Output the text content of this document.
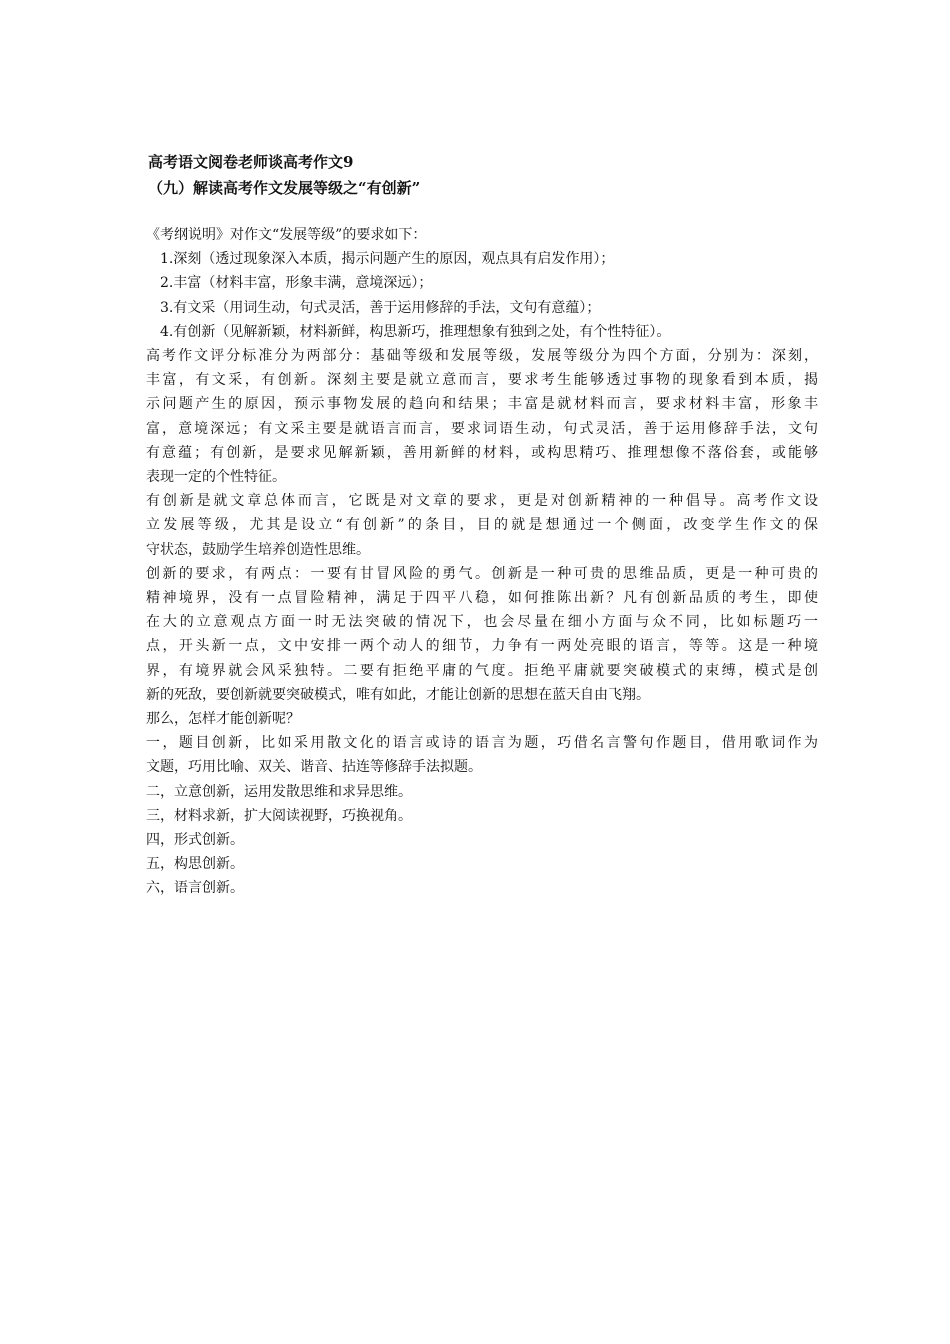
高考语文阅卷老师谈高考作文9
（九）解读高考作文发展等级之“有创新”
《考纲说明》对作文“发展等级”的要求如下：
1.深刻（透过现象深入本质，揭示问题产生的原因，观点具有启发作用）；
2.丰富（材料丰富，形象丰满，意境深远）；
3.有文采（用词生动，句式灵活，善于运用修辞的手法，文句有意蕴）；
4.有创新（见解新颖，材料新鲜，构思新巧，推理想象有独到之处，有个性特征）。
高考作文评分标准分为两部分：基础等级和发展等级，发展等级分为四个方面，分别为：深刻，
丰富，有文采，有创新。深刻主要是就立意而言，要求考生能够透过事物的现象看到本质，揭
示问题产生的原因，预示事物发展的趋向和结果；丰富是就材料而言，要求材料丰富，形象丰
富，意境深远；有文采主要是就语言而言，要求词语生动，句式灵活，善于运用修辞手法，文句
有意蕴；有创新，是要求见解新颖，善用新鲜的材料，或构思精巧、推理想像不落俗套，或能够
表现一定的个性特征。
有创新是就文章总体而言，它既是对文章的要求，更是对创新精神的一种倡导。高考作文设
立发展等级，尤其是设立“有创新”的条目，目的就是想通过一个侧面，改变学生作文的保
守状态，鼓励学生培养创造性思维。
创新的要求，有两点：一要有甘冒风险的勇气。创新是一种可贵的思维品质，更是一种可贵的
精神境界，没有一点冒险精神，满足于四平八稳，如何推陈出新？凡有创新品质的考生，即使
在大的立意观点方面一时无法突破的情况下，也会尽量在细小方面与众不同，比如标题巧一
点，开头新一点，文中安排一两个动人的细节，力争有一两处亮眼的语言，等等。这是一种境
界，有境界就会风采独特。二要有拒绝平庸的气度。拒绝平庸就要突破模式的束缚，模式是创
新的死敌，要创新就要突破模式，唯有如此，才能让创新的思想在蓝天自由飞翔。
那么，怎样才能创新呢？
一，题目创新，比如采用散文化的语言或诗的语言为题，巧借名言警句作题目，借用歌词作为
文题，巧用比喻、双关、谐音、拈连等修辞手法拟题。
二，立意创新，运用发散思维和求异思维。
三，材料求新，扩大阅读视野，巧换视角。
四，形式创新。
五，构思创新。
六，语言创新。
